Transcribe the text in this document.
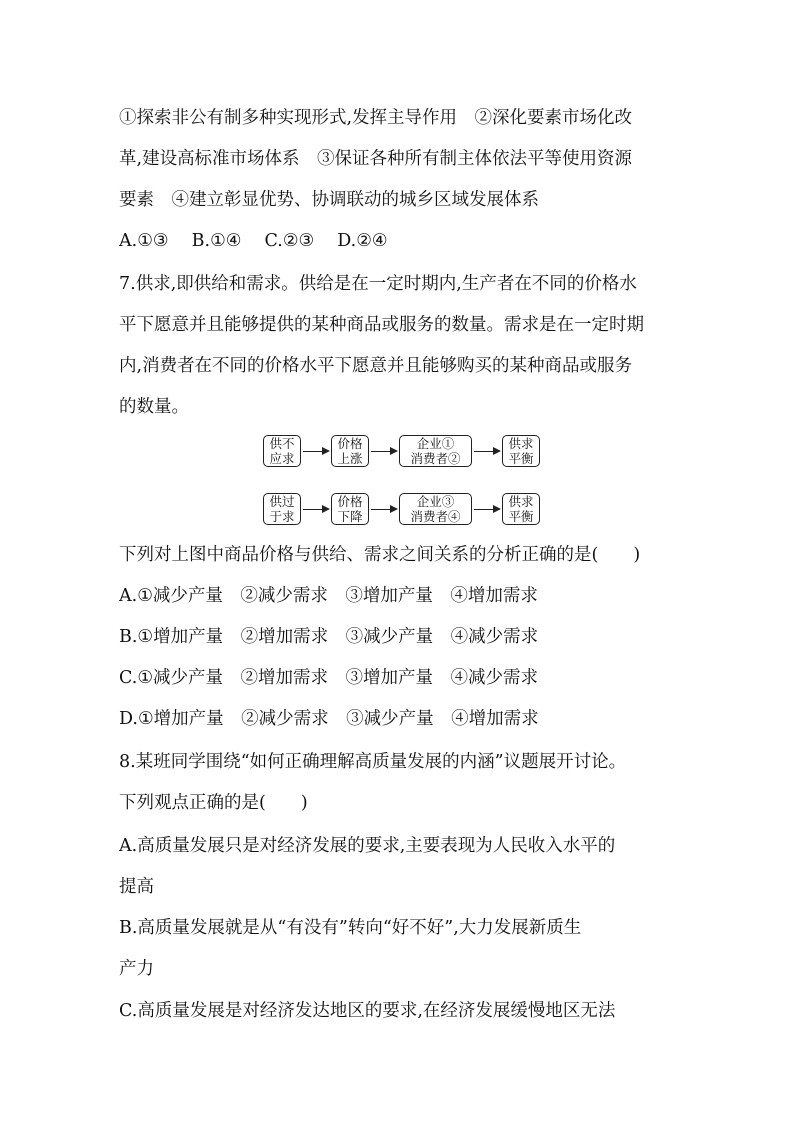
①探索非公有制多种实现形式,发挥主导作用　②深化要素市场化改
革,建设高标准市场体系　③保证各种所有制主体依法平等使用资源
要素　④建立彰显优势、协调联动的城乡区域发展体系
A.①③　 B.①④　 C.②③　 D.②④
7.供求,即供给和需求。供给是在一定时期内,生产者在不同的价格水
平下愿意并且能够提供的某种商品或服务的数量。需求是在一定时期
内,消费者在不同的价格水平下愿意并且能够购买的某种商品或服务
的数量。
供不
应求
价格
上涨
企业①
消费者②
供求
平衡
供过
于求
价格
下降
企业③
消费者④
供求
平衡
下列对上图中商品价格与供给、需求之间关系的分析正确的是(　　)
A.①减少产量　②减少需求　③增加产量　④增加需求
B.①增加产量　②增加需求　③减少产量　④减少需求
C.①减少产量　②增加需求　③增加产量　④减少需求
D.①增加产量　②减少需求　③减少产量　④增加需求
8.某班同学围绕“如何正确理解高质量发展的内涵”议题展开讨论。
下列观点正确的是(　　)
A.高质量发展只是对经济发展的要求,主要表现为人民收入水平的
提高
B.高质量发展就是从“有没有”转向“好不好”,大力发展新质生
产力
C.高质量发展是对经济发达地区的要求,在经济发展缓慢地区无法
